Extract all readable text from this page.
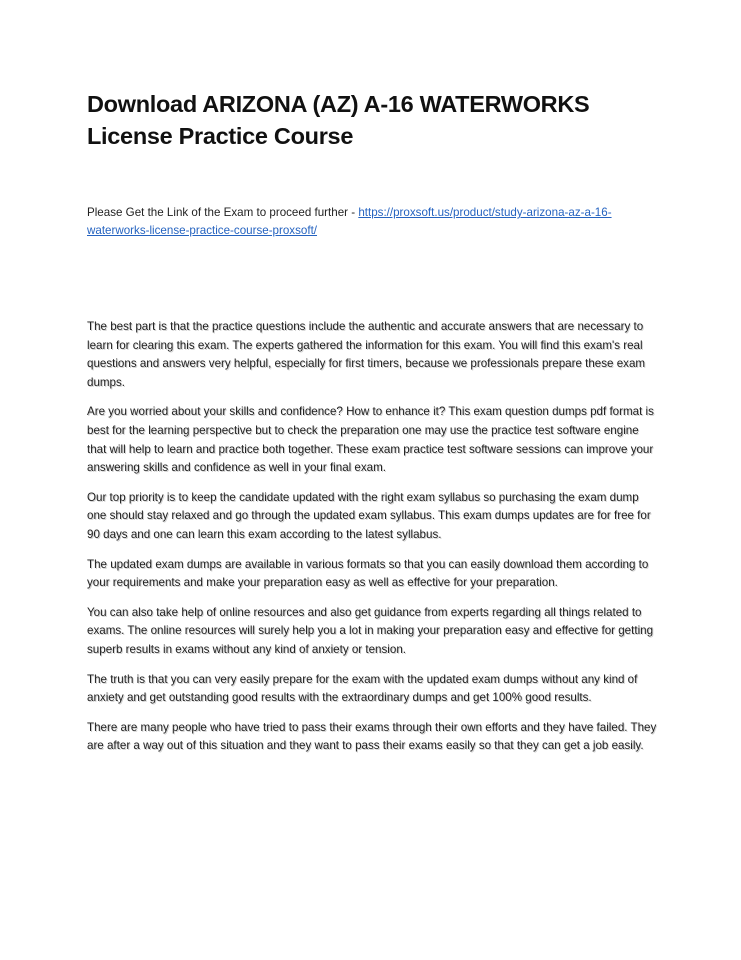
Download ARIZONA (AZ) A-16 WATERWORKS License Practice Course

Please Get the Link of the Exam to proceed further - https://proxsoft.us/product/study-arizona-az-a-16-waterworks-license-practice-course-proxsoft/

The best part is that the practice questions include the authentic and accurate answers that are necessary to learn for clearing this exam. The experts gathered the information for this exam. You will find this exam's real questions and answers very helpful, especially for first timers, because we professionals prepare these exam dumps.

Are you worried about your skills and confidence? How to enhance it? This exam question dumps pdf format is best for the learning perspective but to check the preparation one may use the practice test software engine that will help to learn and practice both together. These exam practice test software sessions can improve your answering skills and confidence as well in your final exam.

Our top priority is to keep the candidate updated with the right exam syllabus so purchasing the exam dump one should stay relaxed and go through the updated exam syllabus. This exam dumps updates are for free for 90 days and one can learn this exam according to the latest syllabus.

The updated exam dumps are available in various formats so that you can easily download them according to your requirements and make your preparation easy as well as effective for your preparation.

You can also take help of online resources and also get guidance from experts regarding all things related to exams. The online resources will surely help you a lot in making your preparation easy and effective for getting superb results in exams without any kind of anxiety or tension.

The truth is that you can very easily prepare for the exam with the updated exam dumps without any kind of anxiety and get outstanding good results with the extraordinary dumps and get 100% good results.

There are many people who have tried to pass their exams through their own efforts and they have failed. They are after a way out of this situation and they want to pass their exams easily so that they can get a job easily.
